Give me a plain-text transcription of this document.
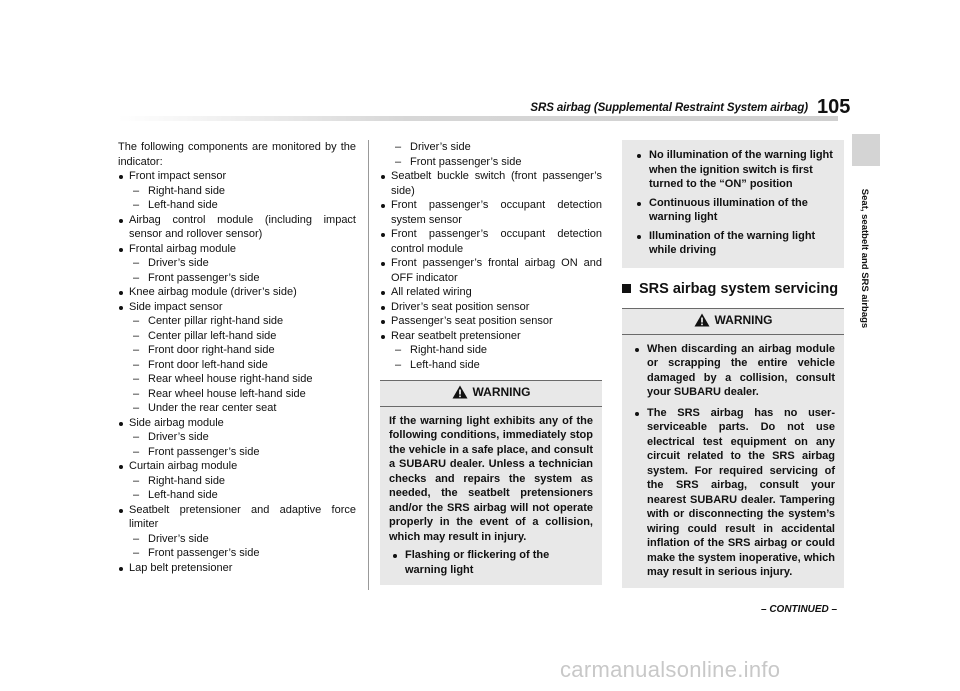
SRS airbag (Supplemental Restraint System airbag) 105
Seat, seatbelt and SRS airbags

The following components are monitored by the indicator:

Front impact sensor
– Right-hand side
– Left-hand side
Airbag control module (including impact sensor and rollover sensor)
Frontal airbag module
– Driver’s side
– Front passenger’s side
Knee airbag module (driver’s side)
Side impact sensor
– Center pillar right-hand side
– Center pillar left-hand side
– Front door right-hand side
– Front door left-hand side
– Rear wheel house right-hand side
– Rear wheel house left-hand side
– Under the rear center seat
Side airbag module
– Driver’s side
– Front passenger’s side
Curtain airbag module
– Right-hand side
– Left-hand side
Seatbelt pretensioner and adaptive force limiter
– Driver’s side
– Front passenger’s side
Lap belt pretensioner
– Driver’s side
– Front passenger’s side
Seatbelt buckle switch (front passenger’s side)
Front passenger’s occupant detection system sensor
Front passenger’s occupant detection control module
Front passenger’s frontal airbag ON and OFF indicator
All related wiring
Driver’s seat position sensor
Passenger’s seat position sensor
Rear seatbelt pretensioner
– Right-hand side
– Left-hand side
WARNING

If the warning light exhibits any of the following conditions, immediately stop the vehicle in a safe place, and consult a SUBARU dealer. Unless a technician checks and repairs the system as needed, the seatbelt pretensioners and/or the SRS airbag will not operate properly in the event of a collision, which may result in injury.

Flashing or flickering of the warning light
No illumination of the warning light when the ignition switch is first turned to the “ON” position
Continuous illumination of the warning light
Illumination of the warning light while driving
SRS airbag system servicing
WARNING
When discarding an airbag module or scrapping the entire vehicle damaged by a collision, consult your SUBARU dealer.
The SRS airbag has no user-serviceable parts. Do not use electrical test equipment on any circuit related to the SRS airbag system. For required servicing of the SRS airbag, consult your nearest SUBARU dealer. Tampering with or disconnecting the system’s wiring could result in accidental inflation of the SRS airbag or could make the system inoperative, which may result in serious injury.
– CONTINUED –
carmanualsonline.info
